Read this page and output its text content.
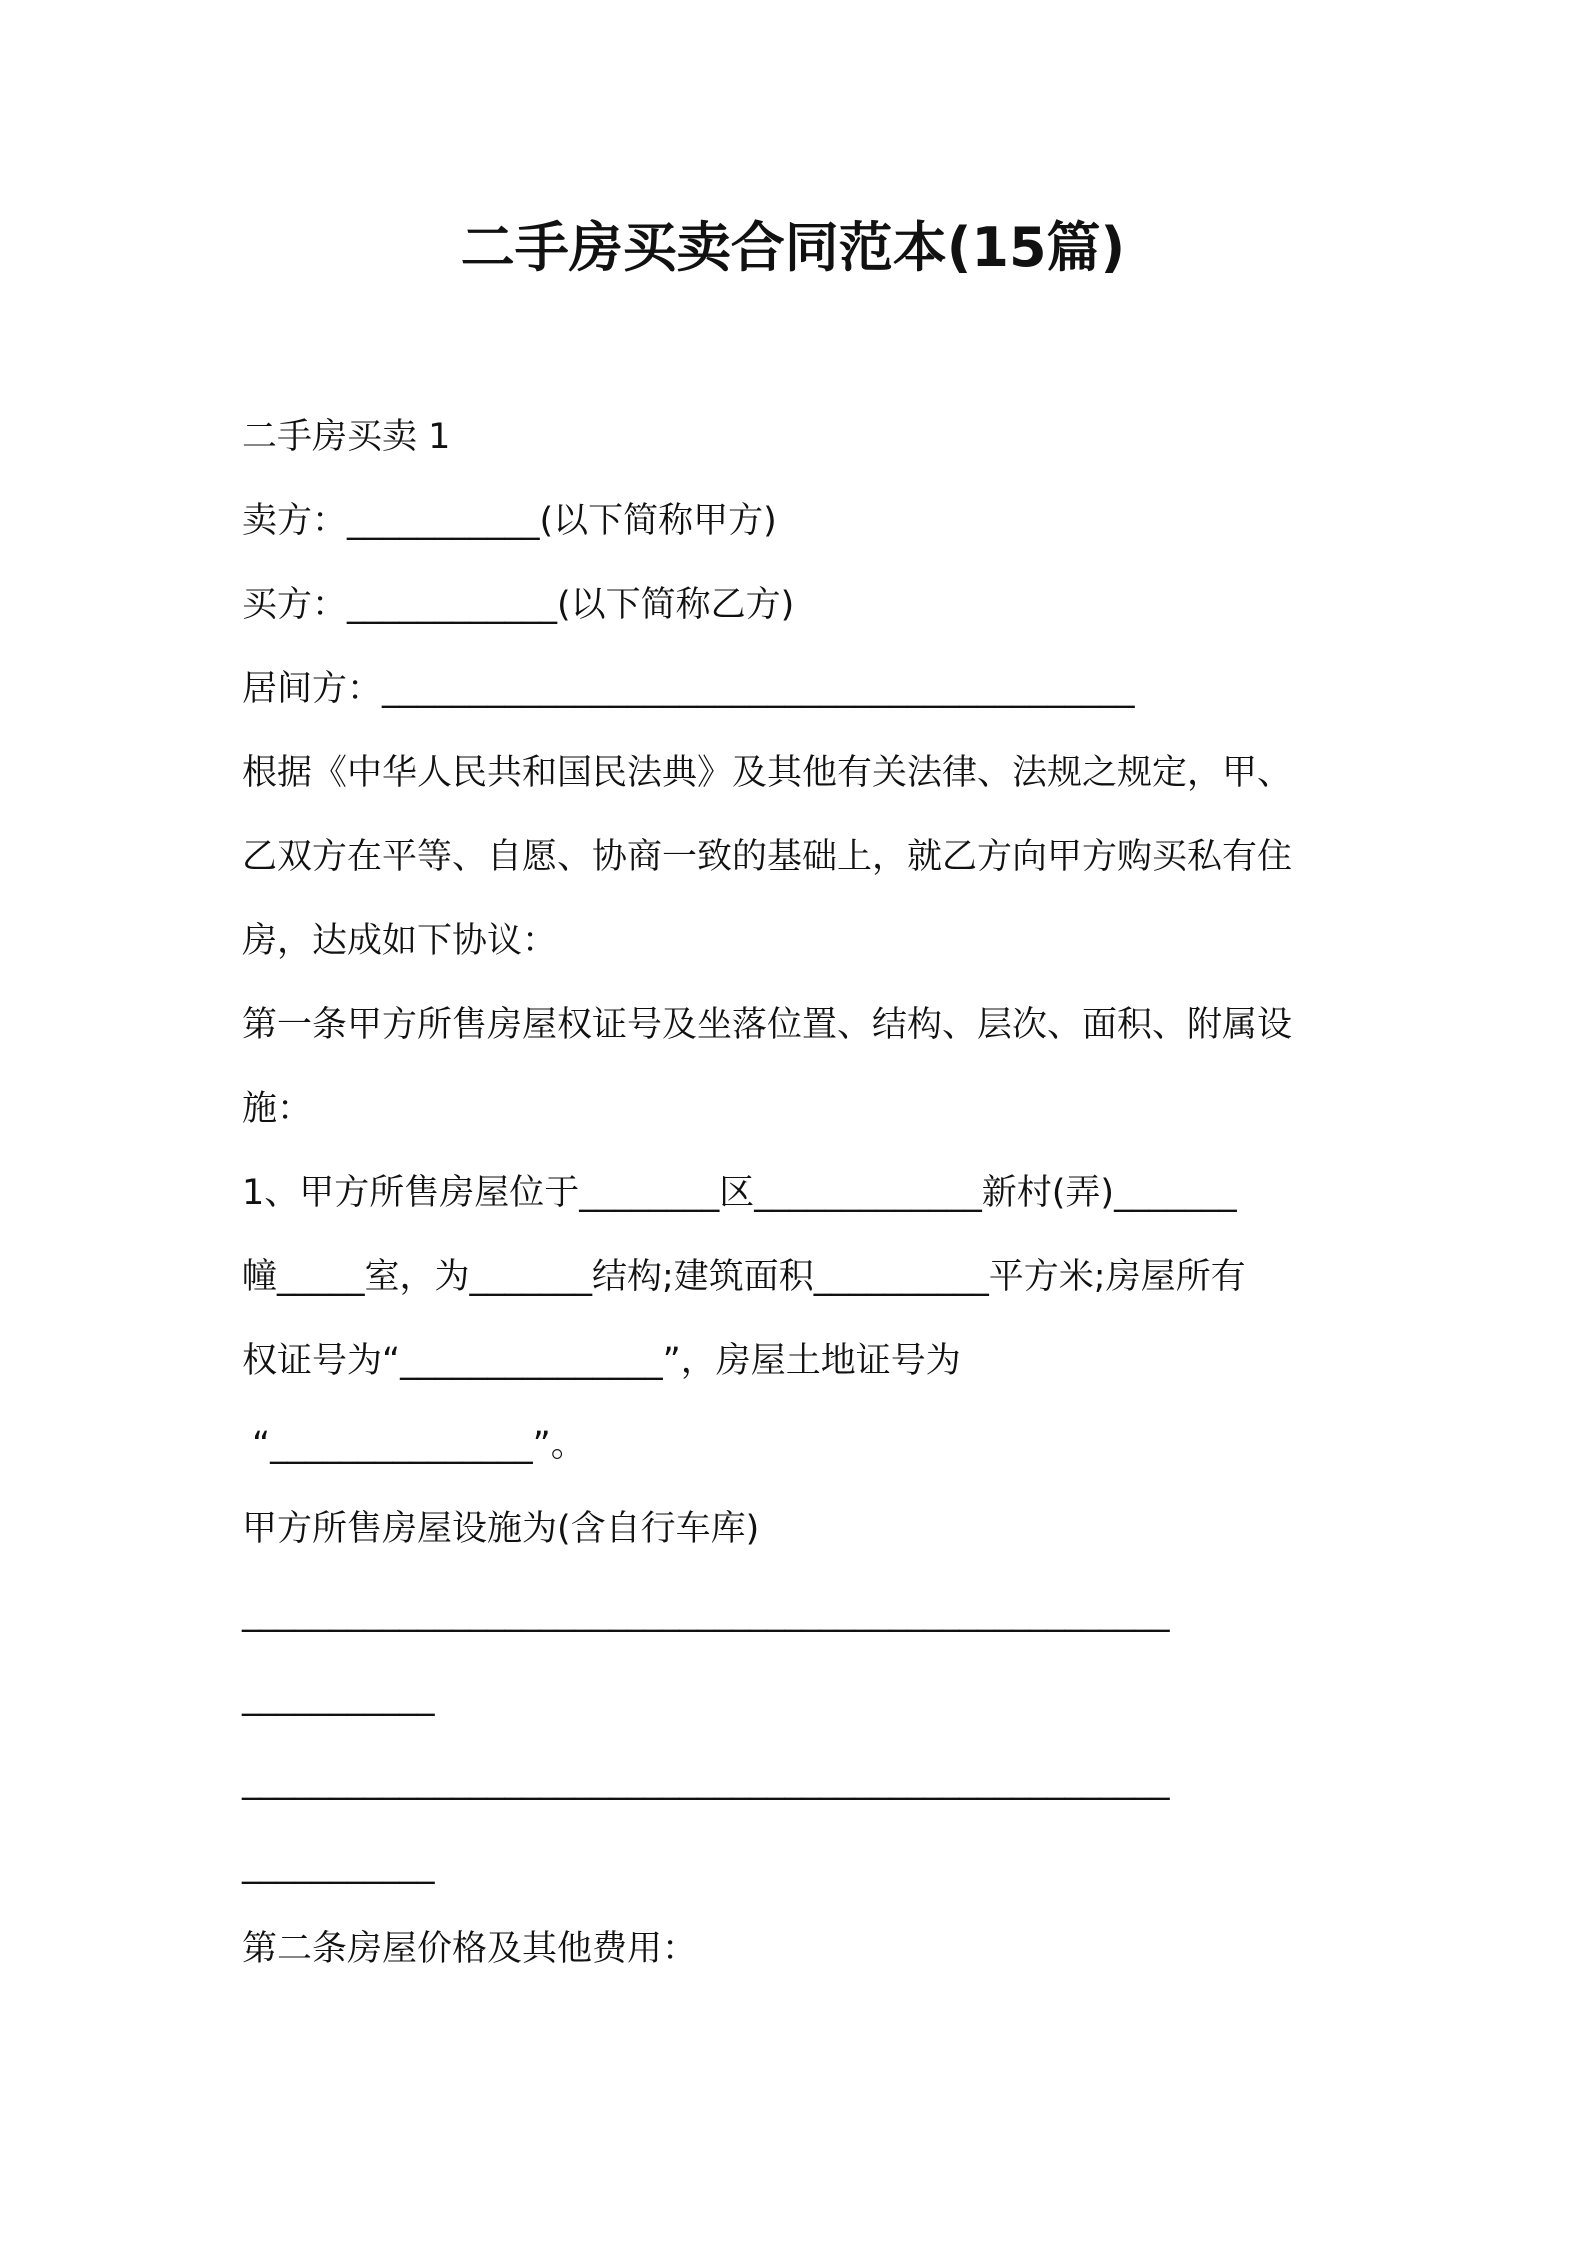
二手房买卖合同范本(15篇)
二手房买卖 1
卖方：___________(以下简称甲方)
买方：____________(以下简称乙方)
居间方：___________________________________________
根据《中华人民共和国民法典》及其他有关法律、法规之规定，甲、
乙双方在平等、自愿、协商一致的基础上，就乙方向甲方购买私有住
房，达成如下协议：
第一条甲方所售房屋权证号及坐落位置、结构、层次、面积、附属设
施：
1、甲方所售房屋位于________区_____________新村(弄)_______
幢_____室，为_______结构;建筑面积__________平方米;房屋所有
权证号为“_______________”，房屋土地证号为
“_______________”。
甲方所售房屋设施为(含自行车库)
_____________________________________________________
___________
_____________________________________________________
___________
第二条房屋价格及其他费用：
